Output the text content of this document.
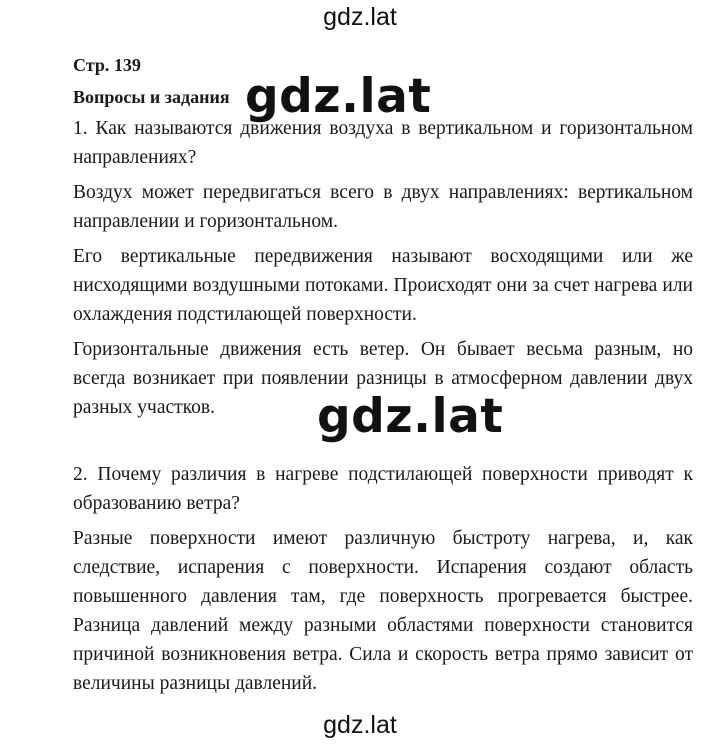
gdz.lat

Стр. 139

Вопросы и задания

1. Как называются движения воздуха в вертикальном и горизонтальном направлениях?

Воздух может передвигаться всего в двух направлениях: вертикальном направлении и горизонтальном.

Его вертикальные передвижения называют восходящими или же нисходящими воздушными потоками. Происходят они за счет нагрева или охлаждения подстилающей поверхности.

Горизонтальные движения есть ветер. Он бывает весьма разным, но всегда возникает при появлении разницы в атмосферном давлении двух разных участков.

2. Почему различия в нагреве подстилающей поверхности приводят к образованию ветра?

Разные поверхности имеют различную быстроту нагрева, и, как следствие, испарения с поверхности. Испарения создают область повышенного давления там, где поверхность прогревается быстрее. Разница давлений между разными областями поверхности становится причиной возникновения ветра. Сила и скорость ветра прямо зависит от величины разницы давлений.

gdz.lat
gdz.lat
gdz.lat
